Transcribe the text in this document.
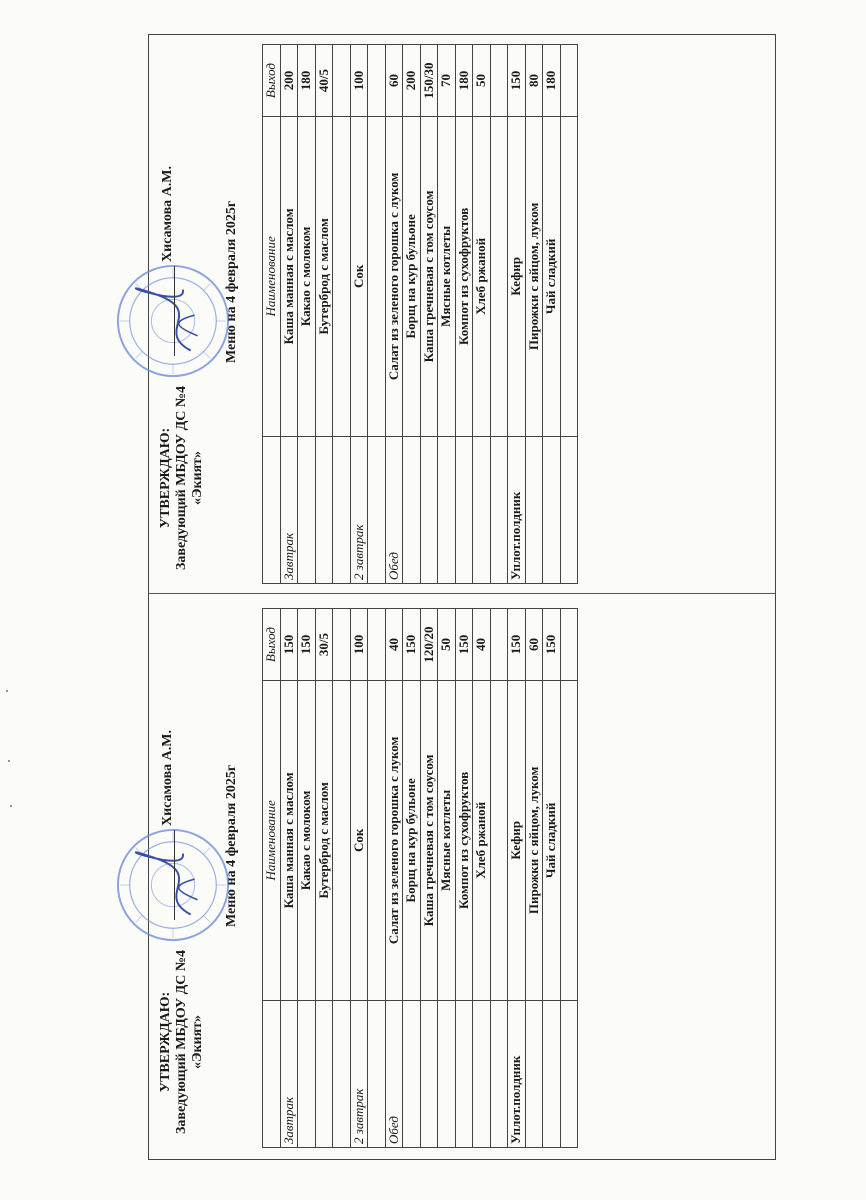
УТВЕРЖДАЮ: Заведующий МБДОУ ДС №4 «Экият»
Хисамова А.М.	Меню на 4 февраля 2025г
	Наименование	Выход
Завтрак	Каша манная с маслом	200
	Какао с молоком	180
	Бутерброд с маслом	40/5

2 завтрак	Сок	100

Обед	Салат из зеленого горошка с луком	60
	Борщ на кур бульоне	200
	Каша гречневая с том соусом	150/30
	Мясные котлеты	70
	Компот из сухофруктов	180
	Хлеб ржаной	50

Уплот.полдник	Кефир	150
	Пирожки с яйцом, луком	80
	Чай сладкий	180

УТВЕРЖДАЮ: Заведующий МБДОУ ДС №4 «Экият»
Хисамова А.М.	Меню на 4 февраля 2025г
	Наименование	Выход
Завтрак	Каша манная с маслом	150
	Какао с молоком	150
	Бутерброд с маслом	30/5

2 завтрак	Сок	100

Обед	Салат из зеленого горошка с луком	40
	Борщ на кур бульоне	150
	Каша гречневая с том соусом	120/20
	Мясные котлеты	50
	Компот из сухофруктов	150
	Хлеб ржаной	40

Уплот.полдник	Кефир	150
	Пирожки с яйцом, луком	60
	Чай сладкий	150
